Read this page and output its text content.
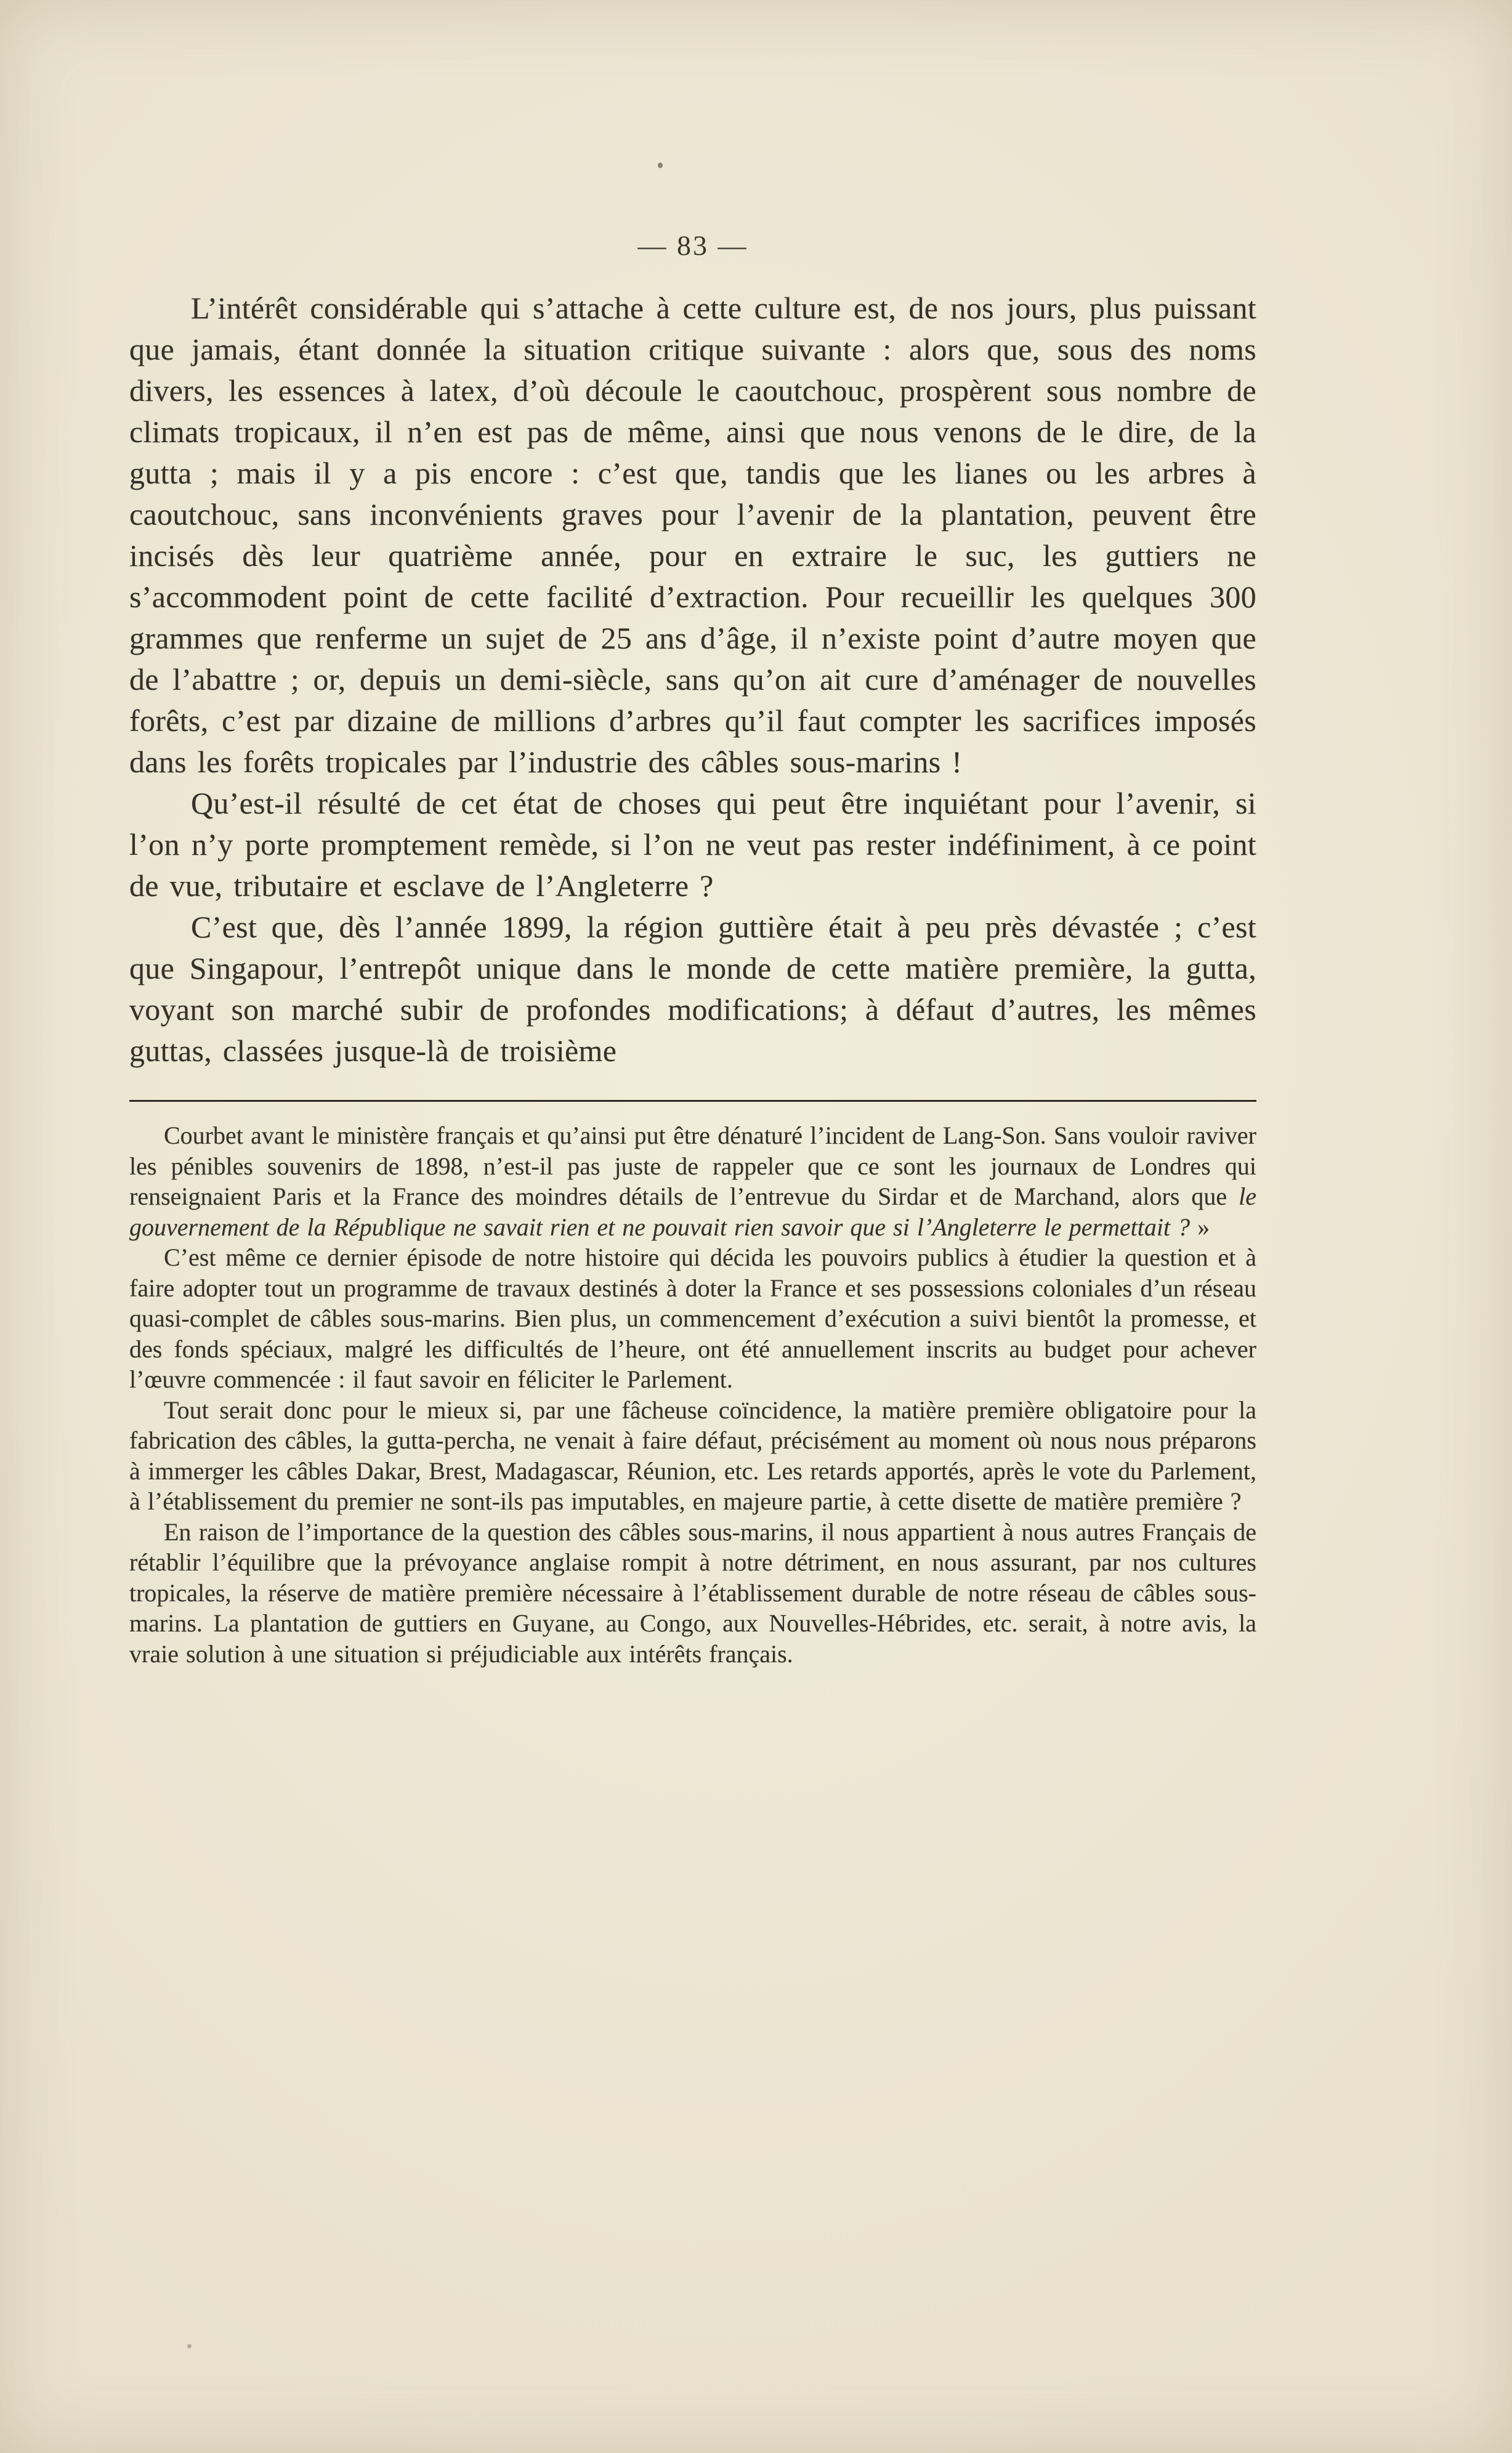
— 83 —

L’intérêt considérable qui s’attache à cette culture est, de nos jours, plus puissant que jamais, étant donnée la situation critique suivante : alors que, sous des noms divers, les essences à latex, d’où découle le caoutchouc, prospèrent sous nombre de climats tropicaux, il n’en est pas de même, ainsi que nous venons de le dire, de la gutta ; mais il y a pis encore : c’est que, tandis que les lianes ou les arbres à caoutchouc, sans inconvénients graves pour l’avenir de la plantation, peuvent être incisés dès leur quatrième année, pour en extraire le suc, les guttiers ne s’accommodent point de cette facilité d’extraction. Pour recueillir les quelques 300 grammes que renferme un sujet de 25 ans d’âge, il n’existe point d’autre moyen que de l’abattre ; or, depuis un demi-siècle, sans qu’on ait cure d’aménager de nouvelles forêts, c’est par dizaine de millions d’arbres qu’il faut compter les sacrifices imposés dans les forêts tropicales par l’industrie des câbles sous-marins !

Qu’est-il résulté de cet état de choses qui peut être inquiétant pour l’avenir, si l’on n’y porte promptement remède, si l’on ne veut pas rester indéfiniment, à ce point de vue, tributaire et esclave de l’Angleterre ?

C’est que, dès l’année 1899, la région guttière était à peu près dévastée ; c’est que Singapour, l’entrepôt unique dans le monde de cette matière première, la gutta, voyant son marché subir de profondes modifications; à défaut d’autres, les mêmes guttas, classées jusque-là de troisième

Courbet avant le ministère français et qu’ainsi put être dénaturé l’incident de Lang-Son. Sans vouloir raviver les pénibles souvenirs de 1898, n’est-il pas juste de rappeler que ce sont les journaux de Londres qui renseignaient Paris et la France des moindres détails de l’entrevue du Sirdar et de Marchand, alors que le gouvernement de la République ne savait rien et ne pouvait rien savoir que si l’Angleterre le permettait ? »

C’est même ce dernier épisode de notre histoire qui décida les pouvoirs publics à étudier la question et à faire adopter tout un programme de travaux destinés à doter la France et ses possessions coloniales d’un réseau quasi-complet de câbles sous-marins. Bien plus, un commencement d’exécution a suivi bientôt la promesse, et des fonds spéciaux, malgré les difficultés de l’heure, ont été annuellement inscrits au budget pour achever l’œuvre commencée : il faut savoir en féliciter le Parlement.

Tout serait donc pour le mieux si, par une fâcheuse coïncidence, la matière première obligatoire pour la fabrication des câbles, la gutta-percha, ne venait à faire défaut, précisément au moment où nous nous préparons à immerger les câbles Dakar, Brest, Madagascar, Réunion, etc. Les retards apportés, après le vote du Parlement, à l’établissement du premier ne sont-ils pas imputables, en majeure partie, à cette disette de matière première ?

En raison de l’importance de la question des câbles sous-marins, il nous appartient à nous autres Français de rétablir l’équilibre que la prévoyance anglaise rompit à notre détriment, en nous assurant, par nos cultures tropicales, la réserve de matière première nécessaire à l’établissement durable de notre réseau de câbles sous-marins. La plantation de guttiers en Guyane, au Congo, aux Nouvelles-Hébrides, etc. serait, à notre avis, la vraie solution à une situation si préjudiciable aux intérêts français.
